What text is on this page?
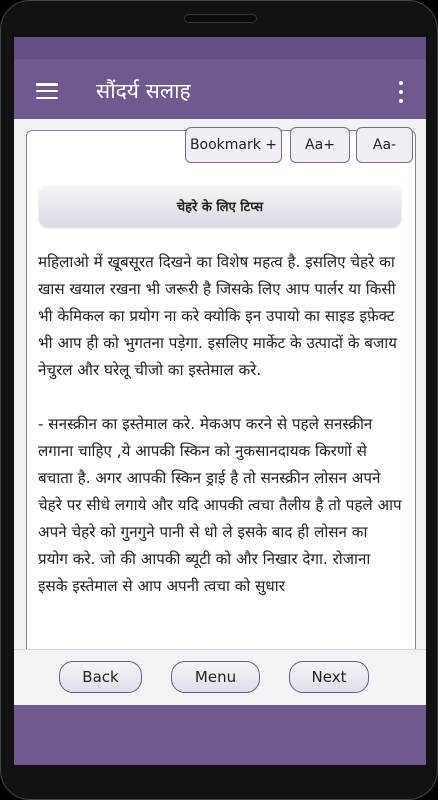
सौंदर्य सलाह
Bookmark +	Aa+	Aa-
चेहरे के लिए टिप्स

महिलाओ में खूबसूरत दिखने का विशेष महत्व है. इसलिए चेहरे का खास खयाल रखना भी जरूरी है जिसके लिए आप पार्लर या किसी भी केमिकल का प्रयोग ना करे क्योकि इन उपायो का साइड इफ़ेक्ट भी आप ही को भुगतना पड़ेगा. इसलिए मार्केट के उत्पादों के बजाय नेचुरल और घरेलू चीजो का इस्तेमाल करे.

- सनस्क्रीन का इस्तेमाल करे. मेकअप करने से पहले सनस्क्रीन लगाना चाहिए ,ये आपकी स्किन को नुकसानदायक किरणों से बचाता है. अगर आपकी स्किन ड्राई है तो सनस्क्रीन लोसन अपने चेहरे पर सीधे लगाये और यदि आपकी त्वचा तैलीय है तो पहले आप अपने चेहरे को गुनगुने पानी से धो ले इसके बाद ही लोसन का प्रयोग करे. जो की आपकी ब्यूटी को और निखार देगा. रोजाना इसके इस्तेमाल से आप अपनी त्वचा को सुधार

Back	Menu	Next
